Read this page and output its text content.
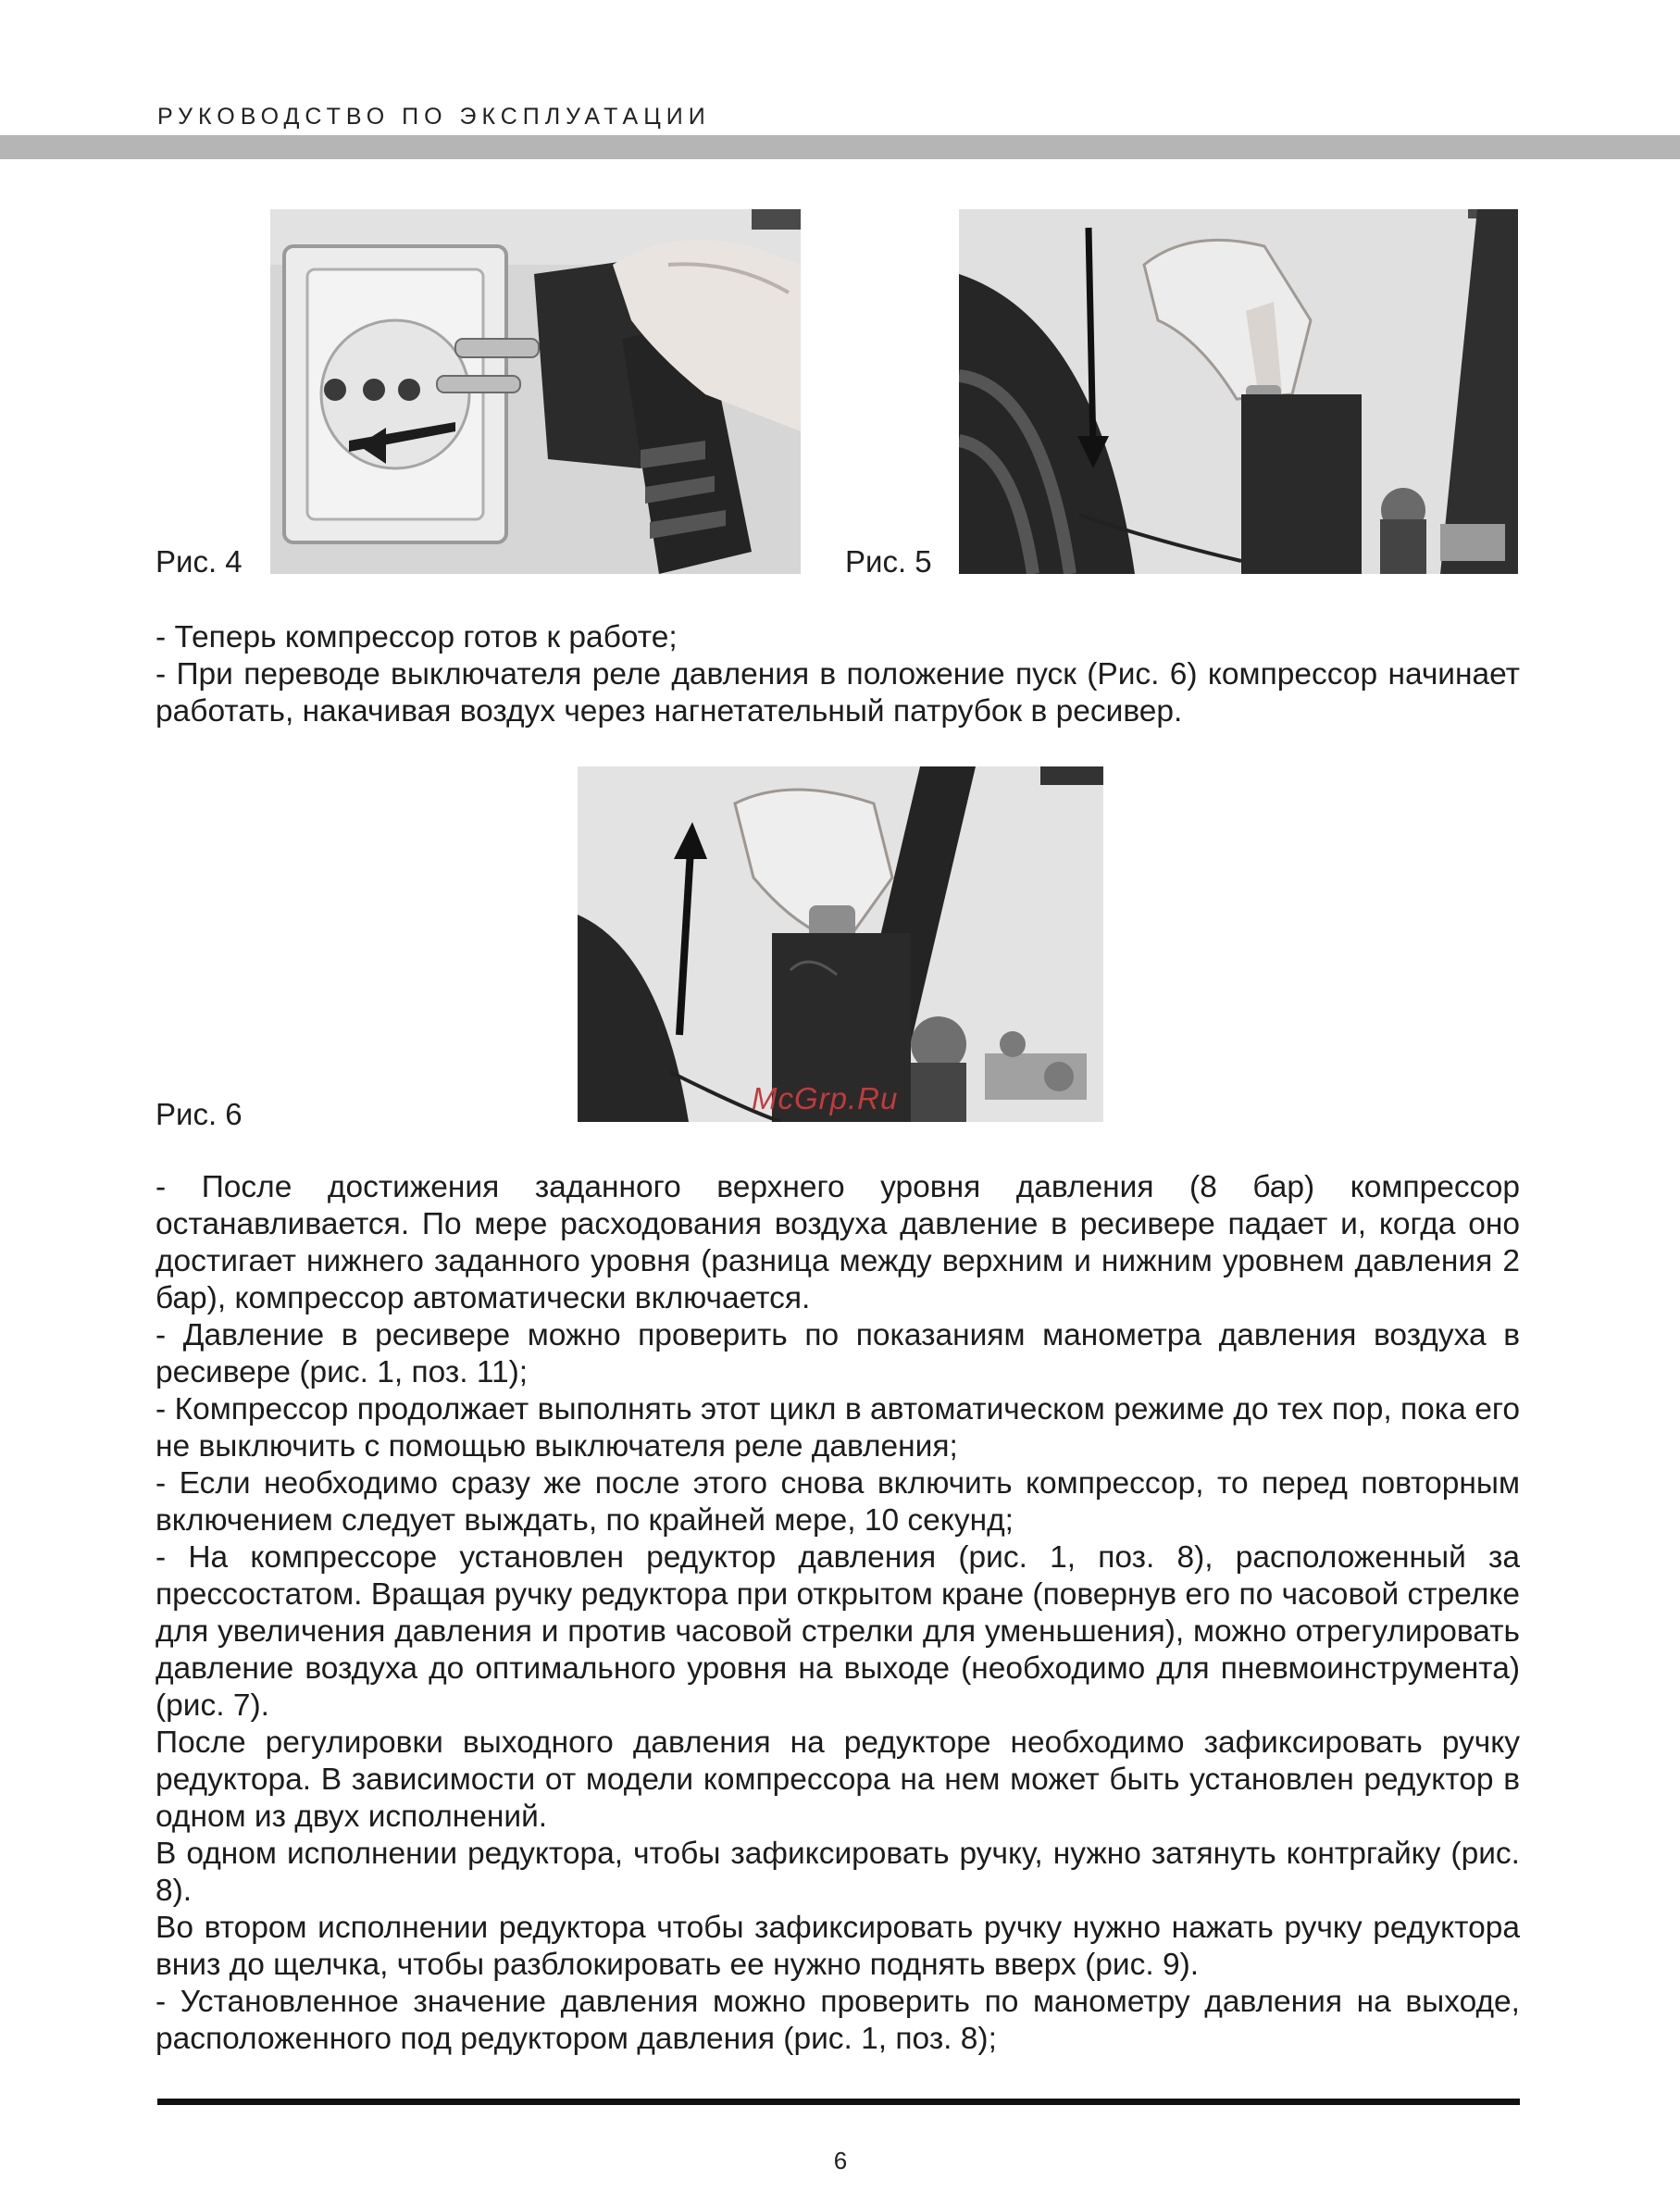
РУКОВОДСТВО ПО ЭКСПЛУАТАЦИИ
Рис. 4	Рис. 5

- Теперь компрессор готов к работе;

- При переводе выключателя реле давления в положение пуск (Рис. 6) компрессор начинает работать, накачивая воздух через нагнетательный патрубок в ресивер.

Рис. 6	McGrp.Ru

- После достижения заданного верхнего уровня давления (8 бар) компрессор останавливается. По мере расходования воздуха давление в ресивере падает и, когда оно достигает нижнего заданного уровня (разница между верхним и нижним уровнем давления 2 бар), компрессор автоматически включается.

- Давление в ресивере можно проверить по показаниям манометра давления воздуха в ресивере (рис. 1, поз. 11);

- Компрессор продолжает выполнять этот цикл в автоматическом режиме до тех пор, пока его не выключить с помощью выключателя реле давления;

- Если необходимо сразу же после этого снова включить компрессор, то перед повторным включением следует выждать, по крайней мере, 10 секунд;

- На компрессоре установлен редуктор давления (рис. 1, поз. 8), расположенный за прессостатом. Вращая ручку редуктора при открытом кране (повернув его по часовой стрелке для увеличения давления и против часовой стрелки для уменьшения), можно отрегулировать давление воздуха до оптимального уровня на выходе (необходимо для пневмоинструмента) (рис. 7).

После регулировки выходного давления на редукторе необходимо зафиксировать ручку редуктора. В зависимости от модели компрессора на нем может быть установлен редуктор в одном из двух исполнений.

В одном исполнении редуктора, чтобы зафиксировать ручку, нужно затянуть контргайку (рис. 8).

Во втором исполнении редуктора чтобы зафиксировать ручку нужно нажать ручку редуктора вниз до щелчка, чтобы разблокировать ее нужно поднять вверх (рис. 9).

- Установленное значение давления можно проверить по манометру давления на выходе, расположенного под редуктором давления (рис. 1, поз. 8);

6
